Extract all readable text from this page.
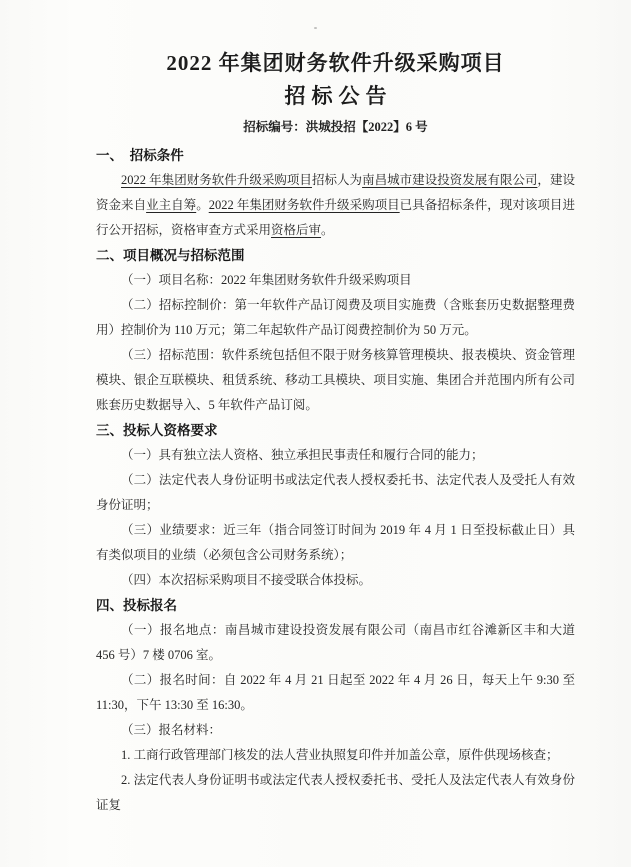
2022 年集团财务软件升级采购项目
招标公告
招标编号：洪城投招【2022】6 号
一、　招标条件

2022 年集团财务软件升级采购项目招标人为南昌城市建设投资发展有限公司，建设资金来自业主自筹。2022 年集团财务软件升级采购项目已具备招标条件，现对该项目进行公开招标，资格审查方式采用资格后审。

二、项目概况与招标范围

（一）项目名称：2022 年集团财务软件升级采购项目

（二）招标控制价：第一年软件产品订阅费及项目实施费（含账套历史数据整理费用）控制价为 110 万元；第二年起软件产品订阅费控制价为 50 万元。

（三）招标范围：软件系统包括但不限于财务核算管理模块、报表模块、资金管理模块、银企互联模块、租赁系统、移动工具模块、项目实施、集团合并范围内所有公司账套历史数据导入、5 年软件产品订阅。

三、投标人资格要求

（一）具有独立法人资格、独立承担民事责任和履行合同的能力；

（二）法定代表人身份证明书或法定代表人授权委托书、法定代表人及受托人有效身份证明；

（三）业绩要求：近三年（指合同签订时间为 2019 年 4 月 1 日至投标截止日）具有类似项目的业绩（必须包含公司财务系统）；

（四）本次招标采购项目不接受联合体投标。

四、投标报名

（一）报名地点：南昌城市建设投资发展有限公司（南昌市红谷滩新区丰和大道 456 号）7 楼 0706 室。

（二）报名时间：自 2022 年 4 月 21 日起至 2022 年 4 月 26 日，每天上午 9:30 至 11:30，下午 13:30 至 16:30。

（三）报名材料：

1. 工商行政管理部门核发的法人营业执照复印件并加盖公章，原件供现场核查；

2. 法定代表人身份证明书或法定代表人授权委托书、受托人及法定代表人有效身份证复
